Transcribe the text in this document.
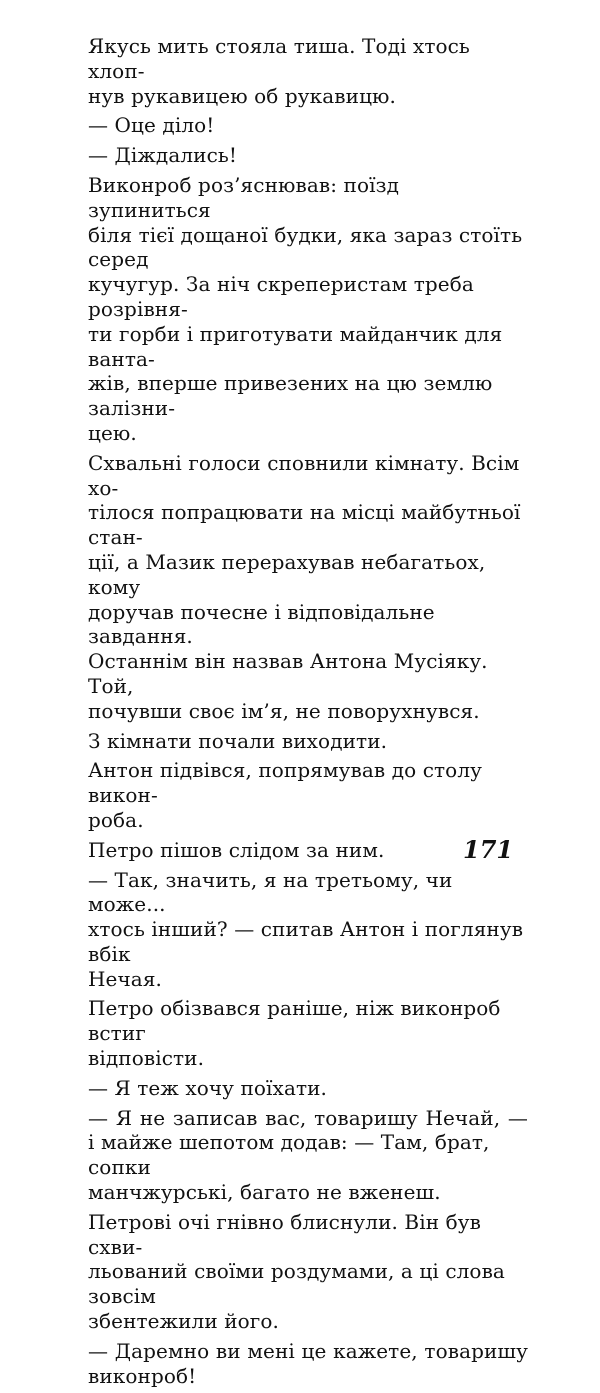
Якусь мить стояла тиша. Тоді хтось хлоп-
нув рукавицею об рукавицю.

— Оце діло!

— Діждались!

Виконроб роз’яснював: поїзд зупиниться
біля тієї дощаної будки, яка зараз стоїть серед
кучугур. За ніч скреперистам треба розрівня-
ти горби і приготувати майданчик для ванта-
жів, вперше привезених на цю землю залізни-
цею.

Схвальні голоси сповнили кімнату. Всім хо-
тілося попрацювати на місці майбутньої стан-
ції, а Мазик перерахував небагатьох, кому
доручав почесне і відповідальне завдання.
Останнім він назвав Антона Мусіяку. Той,
почувши своє ім’я, не поворухнувся.

З кімнати почали виходити.

Антон підвівся, попрямував до столу викон-
роба.

Петро пішов слідом за ним.

— Так, значить, я на третьому, чи може...
хтось інший? — спитав Антон і поглянув вбік
Нечая.

Петро обізвався раніше, ніж виконроб встиг
відповісти.

— Я теж хочу поїхати.

— Я не записав вас, товаришу Нечай, —
і майже шепотом додав: — Там, брат, сопки
манчжурські, багато не вженеш.

Петрові очі гнівно блиснули. Він був схви-
льований своїми роздумами, а ці слова зовсім
збентежили його.

— Даремно ви мені це кажете, товаришу
виконроб!

171
